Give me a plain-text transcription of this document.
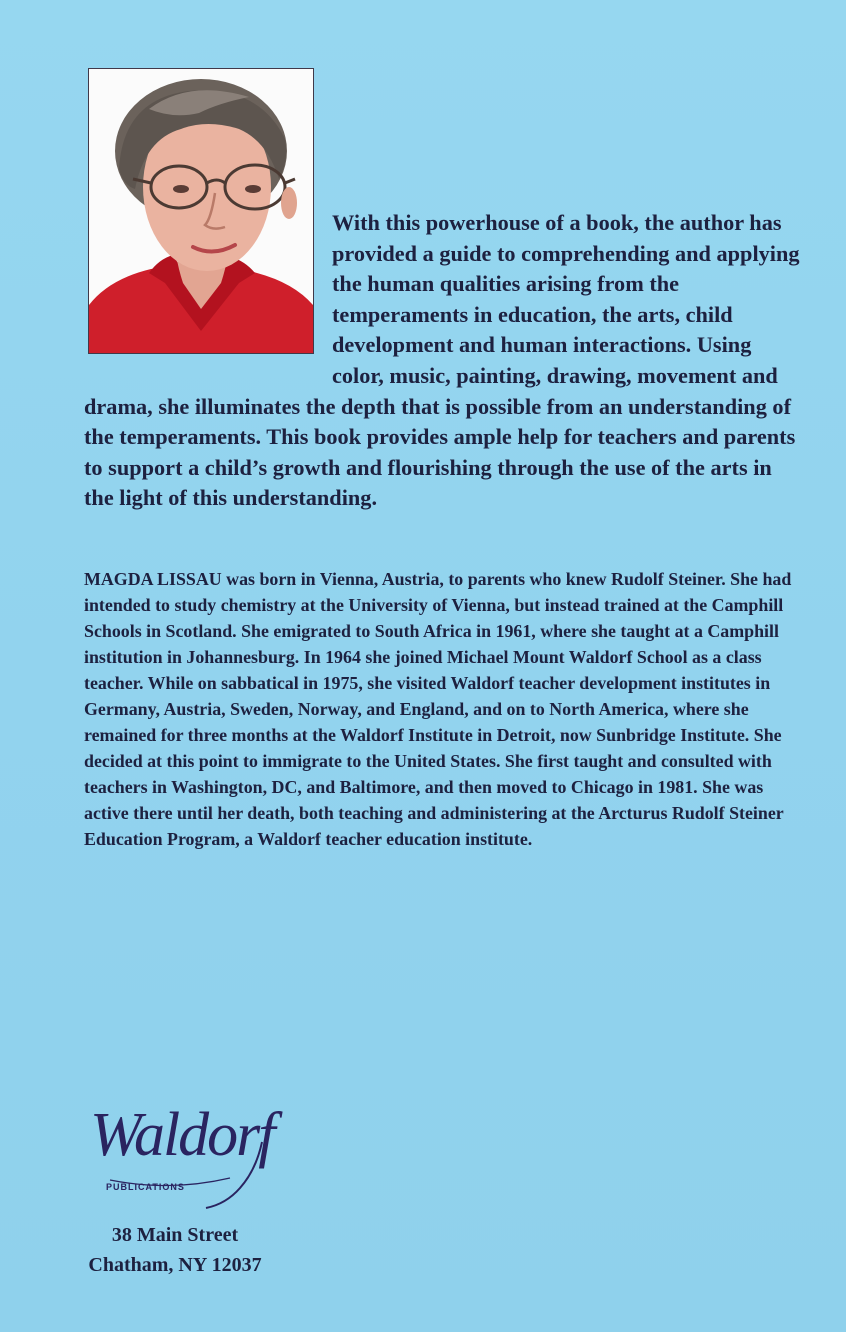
With this powerhouse of a book, the author has provided a guide to comprehending and applying the human qualities arising from the temperaments in education, the arts, child development and human interactions. Using color, music, painting, drawing, movement and drama, she illuminates the depth that is possible from an understanding of the temperaments. This book provides ample help for teachers and parents to support a child’s growth and flourishing through the use of the arts in the light of this understanding.

MAGDA LISSAU was born in Vienna, Austria, to parents who knew Rudolf Steiner. She had intended to study chemistry at the University of Vienna, but instead trained at the Camphill Schools in Scotland. She emigrated to South Africa in 1961, where she taught at a Camphill institution in Johannesburg. In 1964 she joined Michael Mount Waldorf School as a class teacher. While on sabbatical in 1975, she visited Waldorf teacher development institutes in Germany, Austria, Sweden, Norway, and England, and on to North America, where she remained for three months at the Waldorf Institute in Detroit, now Sunbridge Institute. She decided at this point to immigrate to the United States. She first taught and consulted with teachers in Washington, DC, and Baltimore, and then moved to Chicago in 1981. She was active there until her death, both teaching and administering at the Arcturus Rudolf Steiner Education Program, a Waldorf teacher education institute.

Waldorf
PUBLICATIONS
38 Main Street
Chatham, NY 12037
